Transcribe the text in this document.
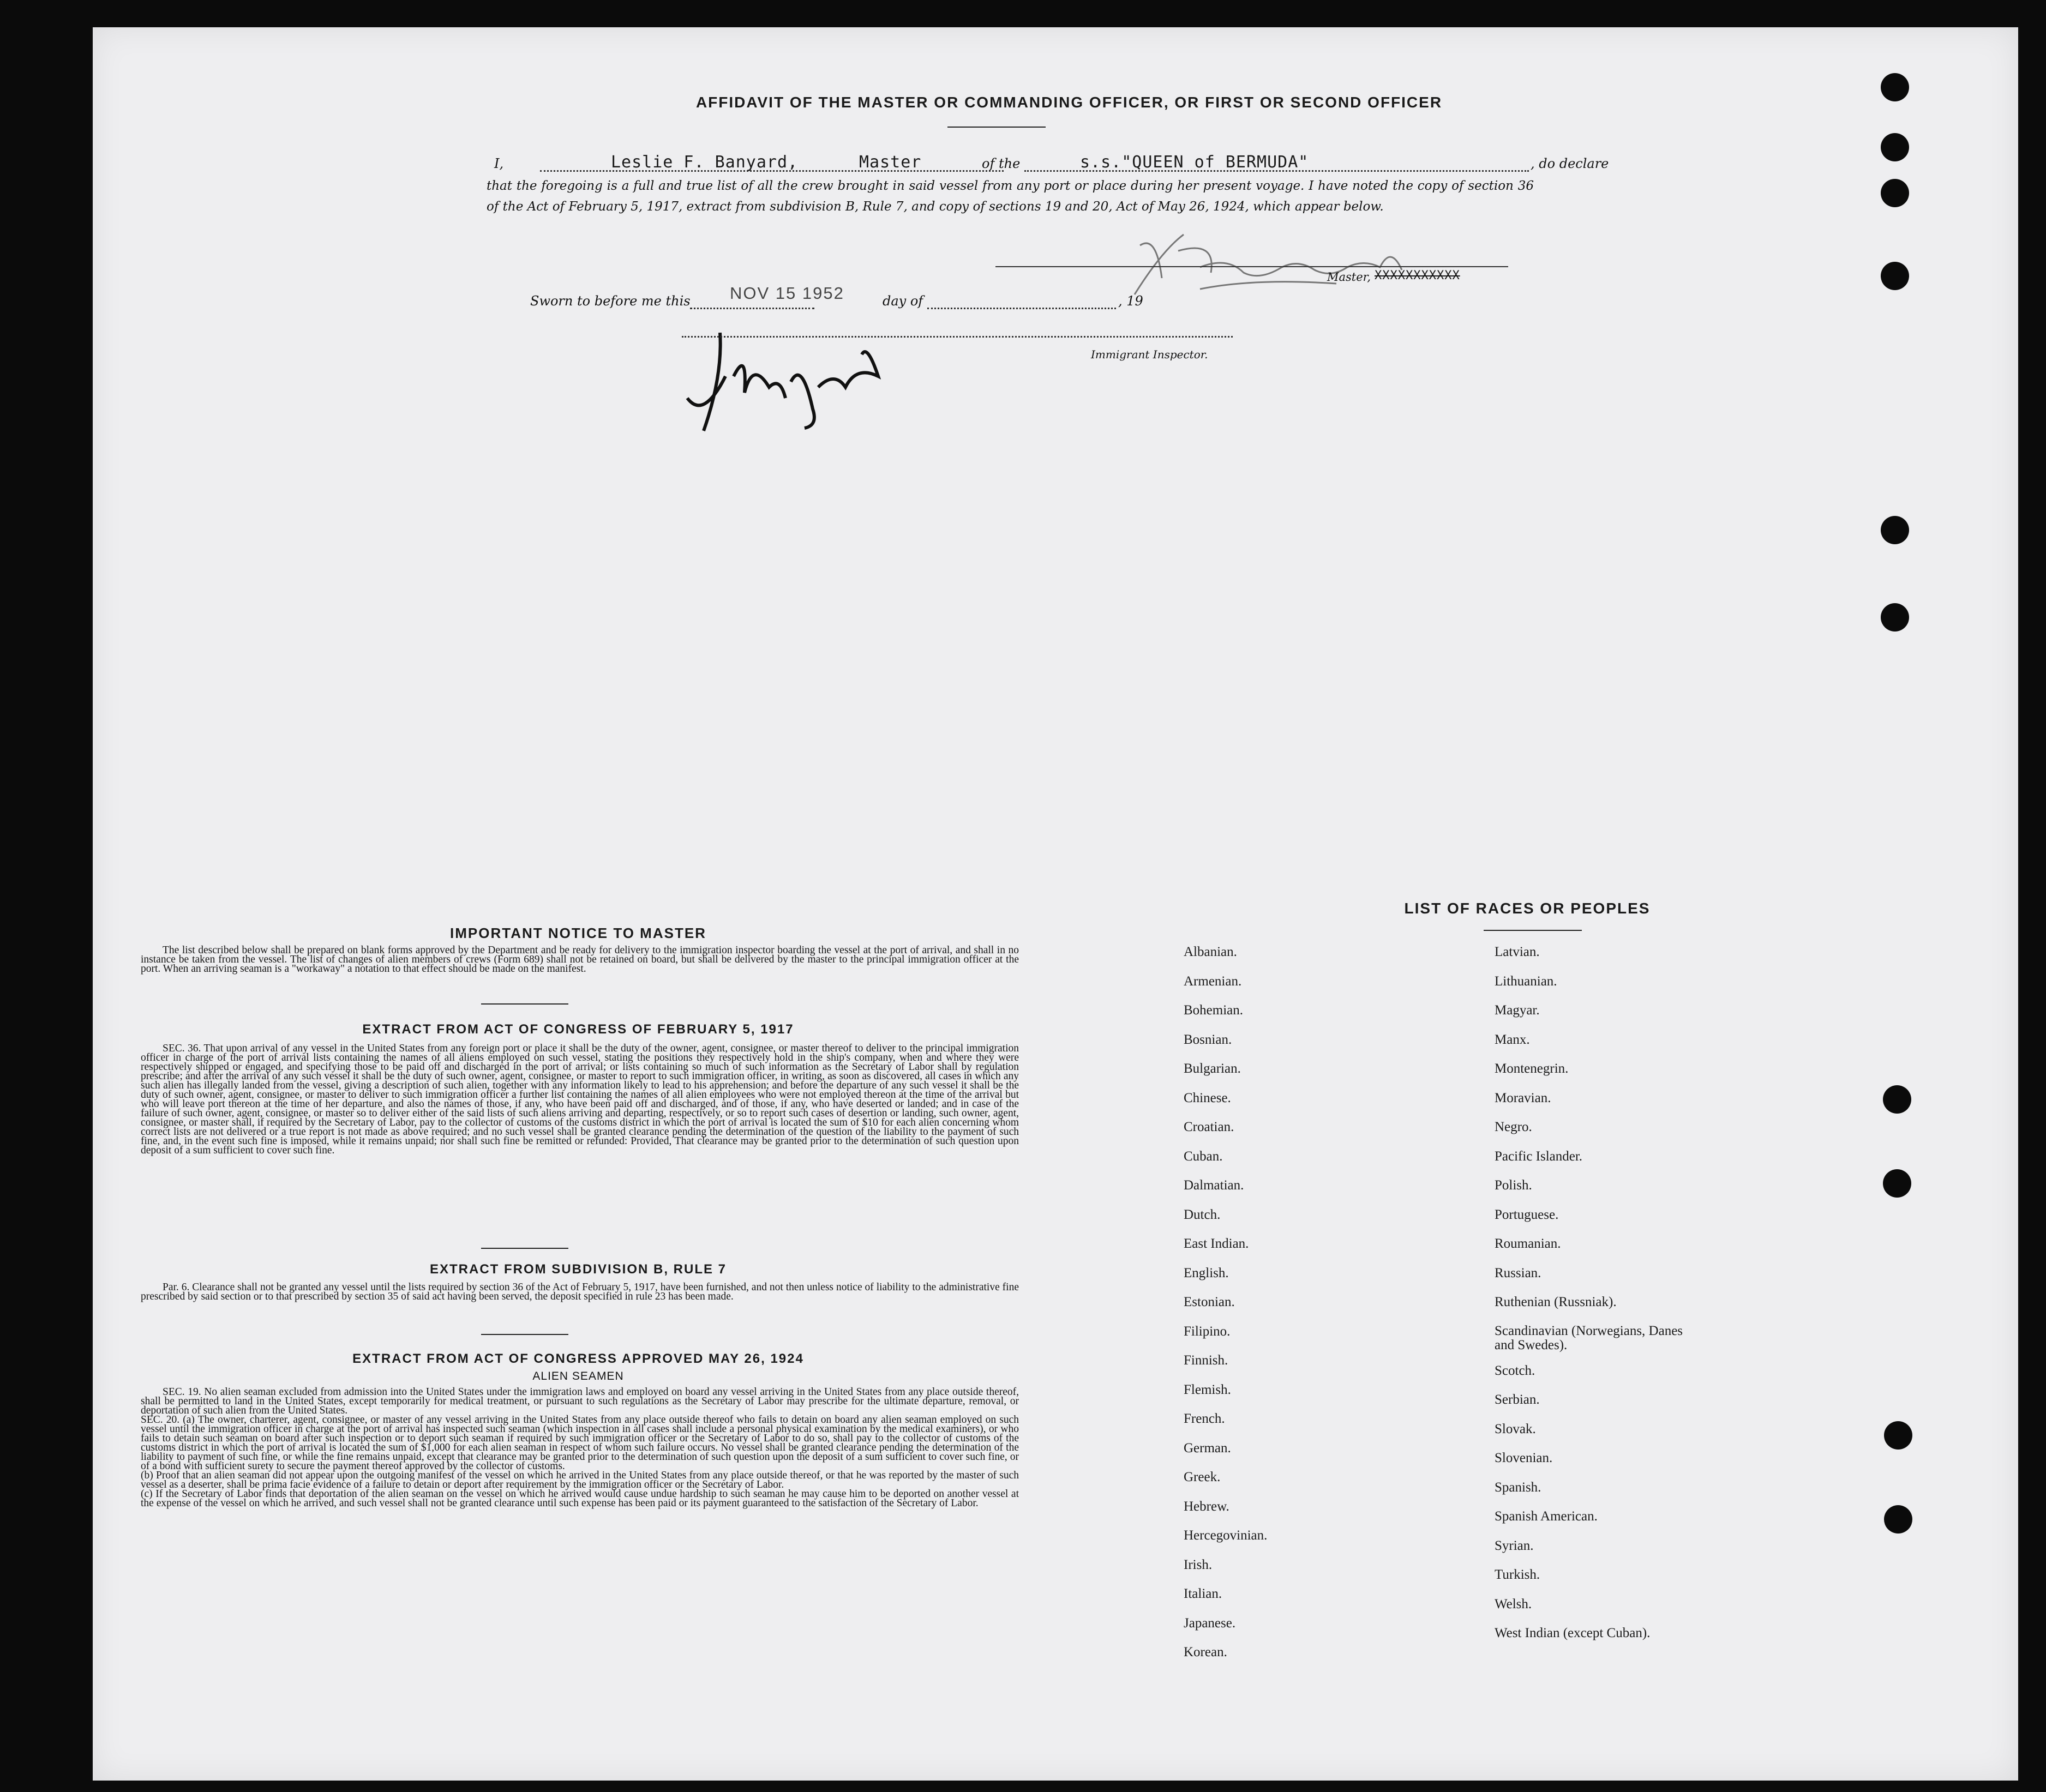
AFFIDAVIT OF THE MASTER OR COMMANDING OFFICER, OR FIRST OR SECOND OFFICER
I,	Leslie F. Banyard,	Master	of the	s.s."QUEEN of BERMUDA"	, do declare
that the foregoing is a full and true list of all the crew brought in said vessel from any port or place during her present voyage. I have noted the copy of section 36 of the Act of February 5, 1917, extract from subdivision B, Rule 7, and copy of sections 19 and 20, Act of May 26, 1924, which appear below.
Master, XXXXXXXXXXX
Sworn to before me this NOV 15 1952	day of	, 19
Immigrant Inspector.
IMPORTANT NOTICE TO MASTER
The list described below shall be prepared on blank forms approved by the Department and be ready for delivery to the immigration inspector boarding the vessel at the port of arrival, and shall in no instance be taken from the vessel. The list of changes of alien members of crews (Form 689) shall not be retained on board, but shall be delivered by the master to the principal immigration officer at the port. When an arriving seaman is a "workaway" a notation to that effect should be made on the manifest.
EXTRACT FROM ACT OF CONGRESS OF FEBRUARY 5, 1917
SEC. 36. That upon arrival of any vessel in the United States from any foreign port or place it shall be the duty of the owner, agent, consignee, or master thereof to deliver to the principal immigration officer in charge of the port of arrival lists containing the names of all aliens employed on such vessel, stating the positions they respectively hold in the ship's company, when and where they were respectively shipped or engaged, and specifying those to be paid off and discharged in the port of arrival; or lists containing so much of such information as the Secretary of Labor shall by regulation prescribe; and after the arrival of any such vessel it shall be the duty of such owner, agent, consignee, or master to report to such immigration officer, in writing, as soon as discovered, all cases in which any such alien has illegally landed from the vessel, giving a description of such alien, together with any information likely to lead to his apprehension; and before the departure of any such vessel it shall be the duty of such owner, agent, consignee, or master to deliver to such immigration officer a further list containing the names of all alien employees who were not employed thereon at the time of the arrival but who will leave port thereon at the time of her departure, and also the names of those, if any, who have been paid off and discharged, and of those, if any, who have deserted or landed; and in case of the failure of such owner, agent, consignee, or master so to deliver either of the said lists of such aliens arriving and departing, respectively, or so to report such cases of desertion or landing, such owner, agent, consignee, or master shall, if required by the Secretary of Labor, pay to the collector of customs of the customs district in which the port of arrival is located the sum of $10 for each alien concerning whom correct lists are not delivered or a true report is not made as above required; and no such vessel shall be granted clearance pending the determination of the question of the liability to the payment of such fine, and, in the event such fine is imposed, while it remains unpaid; nor shall such fine be remitted or refunded: Provided, That clearance may be granted prior to the determination of such question upon deposit of a sum sufficient to cover such fine.
EXTRACT FROM SUBDIVISION B, RULE 7
Par. 6. Clearance shall not be granted any vessel until the lists required by section 36 of the Act of February 5, 1917, have been furnished, and not then unless notice of liability to the administrative fine prescribed by said section or to that prescribed by section 35 of said act having been served, the deposit specified in rule 23 has been made.
EXTRACT FROM ACT OF CONGRESS APPROVED MAY 26, 1924
ALIEN SEAMEN
SEC. 19. No alien seaman excluded from admission into the United States under the immigration laws and employed on board any vessel arriving in the United States from any place outside thereof, shall be permitted to land in the United States, except temporarily for medical treatment, or pursuant to such regulations as the Secretary of Labor may prescribe for the ultimate departure, removal, or deportation of such alien from the United States.
SEC. 20. (a) The owner, charterer, agent, consignee, or master of any vessel arriving in the United States from any place outside thereof who fails to detain on board any alien seaman employed on such vessel until the immigration officer in charge at the port of arrival has inspected such seaman (which inspection in all cases shall include a personal physical examination by the medical examiners), or who fails to detain such seaman on board after such inspection or to deport such seaman if required by such immigration officer or the Secretary of Labor to do so, shall pay to the collector of customs of the customs district in which the port of arrival is located the sum of $1,000 for each alien seaman in respect of whom such failure occurs. No vessel shall be granted clearance pending the determination of the liability to payment of such fine, or while the fine remains unpaid, except that clearance may be granted prior to the determination of such question upon the deposit of a sum sufficient to cover such fine, or of a bond with sufficient surety to secure the payment thereof approved by the collector of customs.
(b) Proof that an alien seaman did not appear upon the outgoing manifest of the vessel on which he arrived in the United States from any place outside thereof, or that he was reported by the master of such vessel as a deserter, shall be prima facie evidence of a failure to detain or deport after requirement by the immigration officer or the Secretary of Labor.
(c) If the Secretary of Labor finds that deportation of the alien seaman on the vessel on which he arrived would cause undue hardship to such seaman he may cause him to be deported on another vessel at the expense of the vessel on which he arrived, and such vessel shall not be granted clearance until such expense has been paid or its payment guaranteed to the satisfaction of the Secretary of Labor.
LIST OF RACES OR PEOPLES
Albanian.
Armenian.
Bohemian.
Bosnian.
Bulgarian.
Chinese.
Croatian.
Cuban.
Dalmatian.
Dutch.
East Indian.
English.
Estonian.
Filipino.
Finnish.
Flemish.
French.
German.
Greek.
Hebrew.
Hercegovinian.
Irish.
Italian.
Japanese.
Korean.
Latvian.
Lithuanian.
Magyar.
Manx.
Montenegrin.
Moravian.
Negro.
Pacific Islander.
Polish.
Portuguese.
Roumanian.
Russian.
Ruthenian (Russniak).
Scandinavian (Norwegians, Danes and Swedes).
Scotch.
Serbian.
Slovak.
Slovenian.
Spanish.
Spanish American.
Syrian.
Turkish.
Welsh.
West Indian (except Cuban).
